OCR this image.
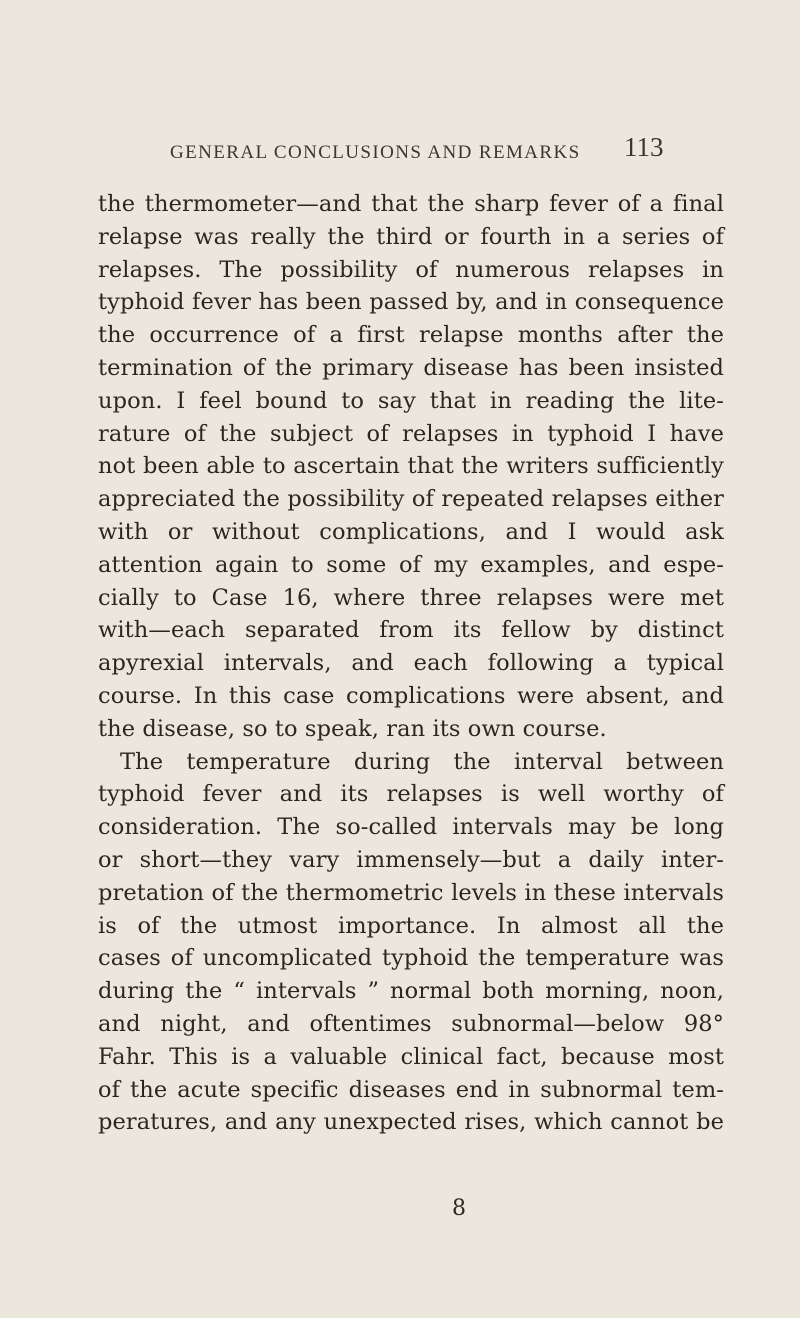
GENERAL CONCLUSIONS AND REMARKS	113
the thermometer—and that the sharp fever of a final
relapse was really the third or fourth in a series of
relapses. The possibility of numerous relapses in
typhoid fever has been passed by, and in consequence
the occurrence of a first relapse months after the
termination of the primary disease has been insisted
upon. I feel bound to say that in reading the lite-
rature of the subject of relapses in typhoid I have
not been able to ascertain that the writers sufficiently
appreciated the possibility of repeated relapses either
with or without complications, and I would ask
attention again to some of my examples, and espe-
cially to Case 16, where three relapses were met
with—each separated from its fellow by distinct
apyrexial intervals, and each following a typical
course. In this case complications were absent, and
the disease, so to speak, ran its own course.
The temperature during the interval between
typhoid fever and its relapses is well worthy of
consideration. The so-called intervals may be long
or short—they vary immensely—but a daily inter-
pretation of the thermometric levels in these intervals
is of the utmost importance. In almost all the
cases of uncomplicated typhoid the temperature was
during the “ intervals ” normal both morning, noon,
and night, and oftentimes subnormal—below 98°
Fahr. This is a valuable clinical fact, because most
of the acute specific diseases end in subnormal tem-
peratures, and any unexpected rises, which cannot be
8
